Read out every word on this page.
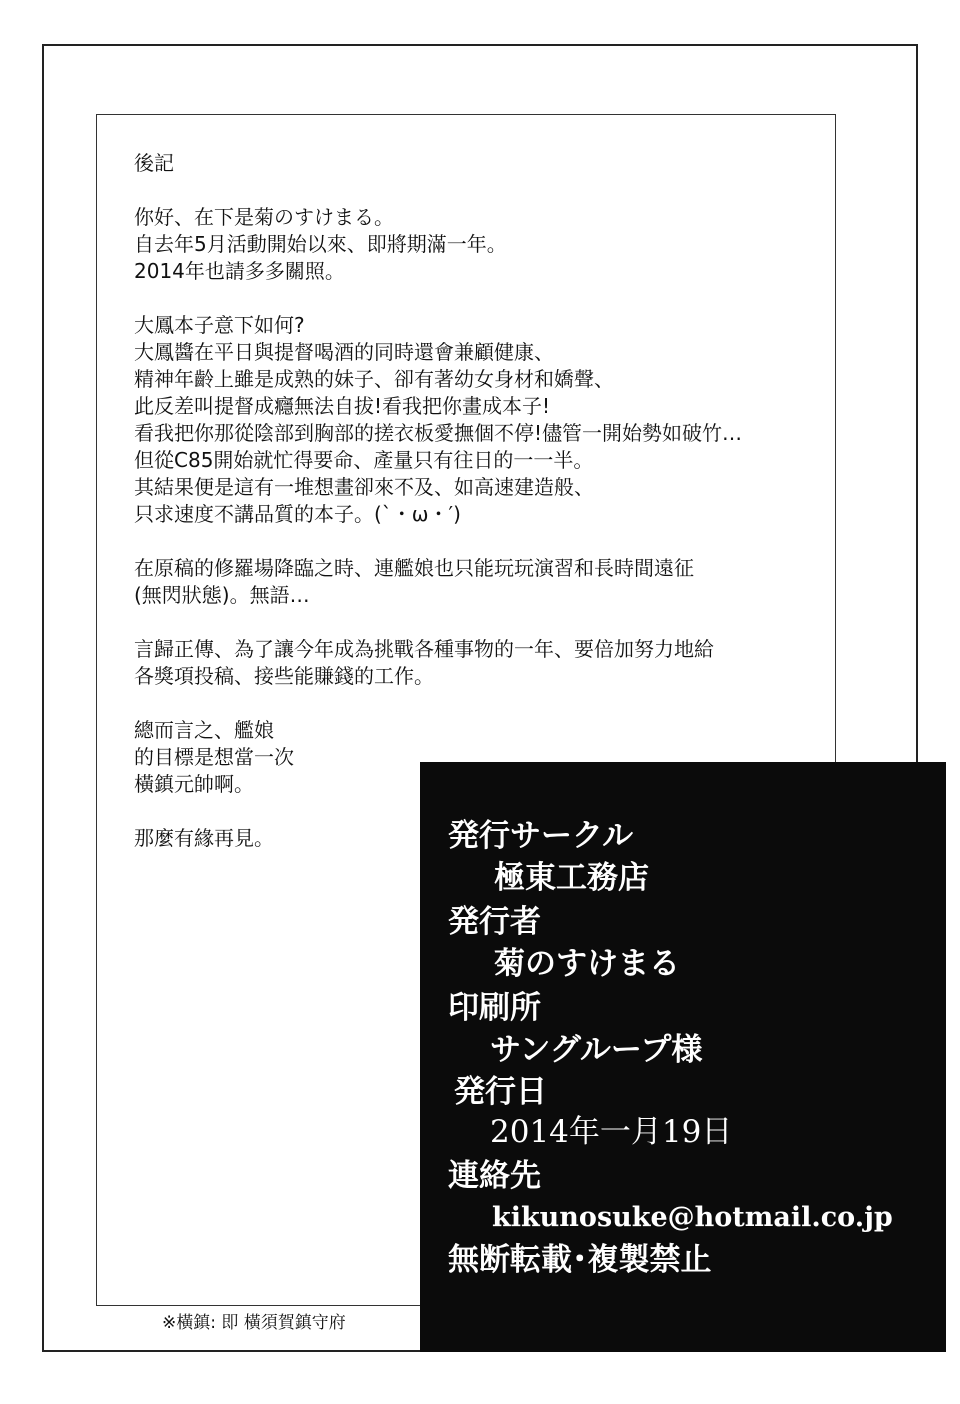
後記
你好、在下是菊のすけまる。
自去年5月活動開始以來、即將期滿一年。
2014年也請多多關照。
大鳳本子意下如何?
大鳳醬在平日與提督喝酒的同時還會兼顧健康、
精神年齡上雖是成熟的妹子、卻有著幼女身材和嬌聲、
此反差叫提督成癮無法自拔!看我把你畫成本子!
看我把你那從陰部到胸部的搓衣板愛撫個不停!儘管一開始勢如破竹…
但從C85開始就忙得要命、產量只有往日的一一半。
其結果便是這有一堆想畫卻來不及、如高速建造般、
只求速度不講品質的本子。(`・ω・′)
在原稿的修羅場降臨之時、連艦娘也只能玩玩演習和長時間遠征
(無閃狀態)。無語…
言歸正傳、為了讓今年成為挑戰各種事物的一年、要倍加努力地給
各獎項投稿、接些能賺錢的工作。
總而言之、艦娘
的目標是想當一次
橫鎮元帥啊。
那麼有緣再見。
※橫鎮: 即 橫須賀鎮守府
発行サークル
極東工務店
発行者
菊のすけまる
印刷所
サングループ様
発行日
2014年一月19日
連絡先
kikunosuke@hotmail.co.jp
無断転載･複製禁止
